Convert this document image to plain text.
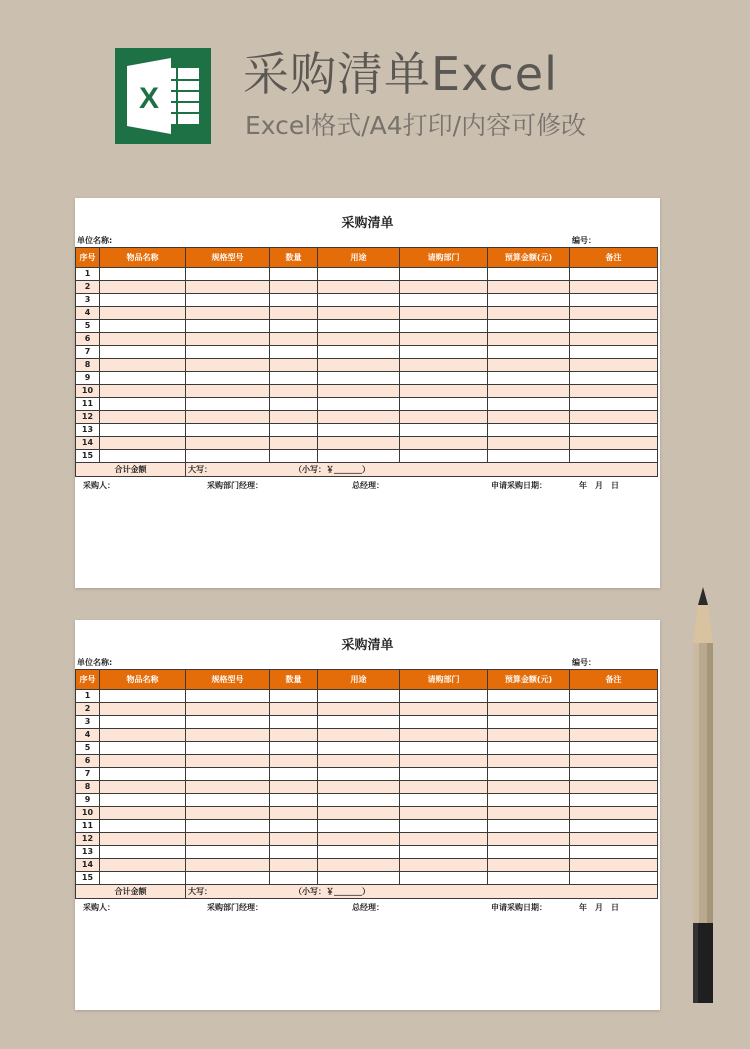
X 采购清单Excel
Excel格式/A4打印/内容可修改
采购清单
单位名称:	编号：
序号	物品名称	规格型号	数量	用途	请购部门	预算金额(元)	备注
1							
2							
3							
4							
5							
6							
7							
8							
9							
10							
11							
12							
13							
14							
15							
合计金额		大写： （小写：￥_______）					
采购人：	采购部门经理：	总经理：	申请采购日期：	年　月　日
采购清单
单位名称:	编号：
序号	物品名称	规格型号	数量	用途	请购部门	预算金额(元)	备注
1							
2							
3							
4							
5							
6							
7							
8							
9							
10							
11							
12							
13							
14							
15							
合计金额		大写： （小写：￥_______）					
采购人：	采购部门经理：	总经理：	申请采购日期：	年　月　日
